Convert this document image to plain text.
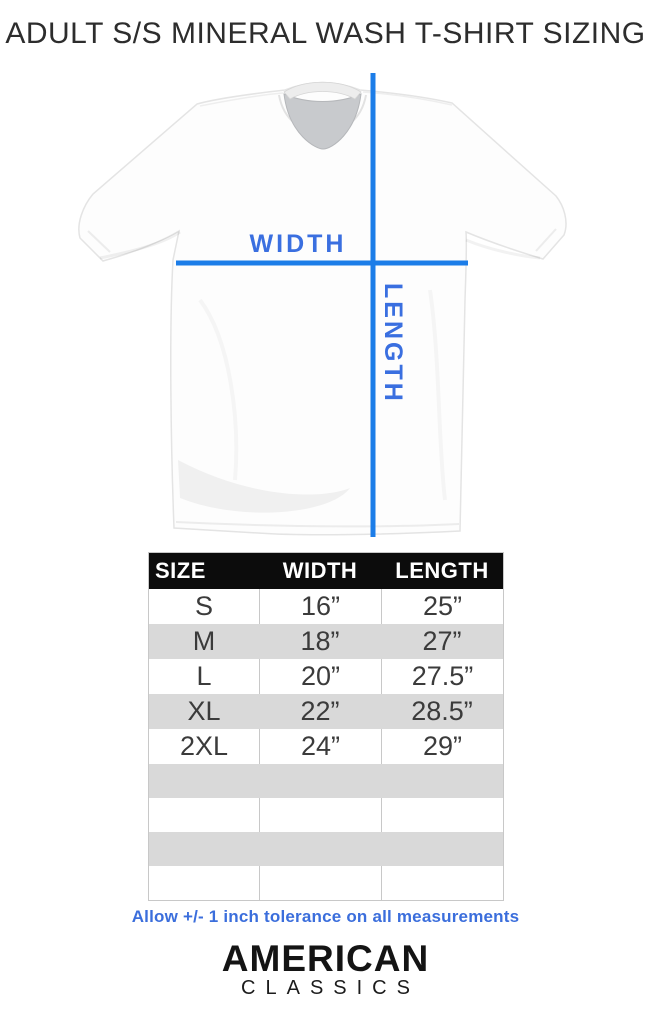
ADULT S/S MINERAL WASH T-SHIRT SIZING
WIDTH
LENGTH
SIZE	WIDTH	LENGTH
S	16”	25”
M	18”	27”
L	20”	27.5”
XL	22”	28.5”
2XL	24”	29”
Allow +/- 1 inch tolerance on all measurements
AMERICAN
CLASSICS
